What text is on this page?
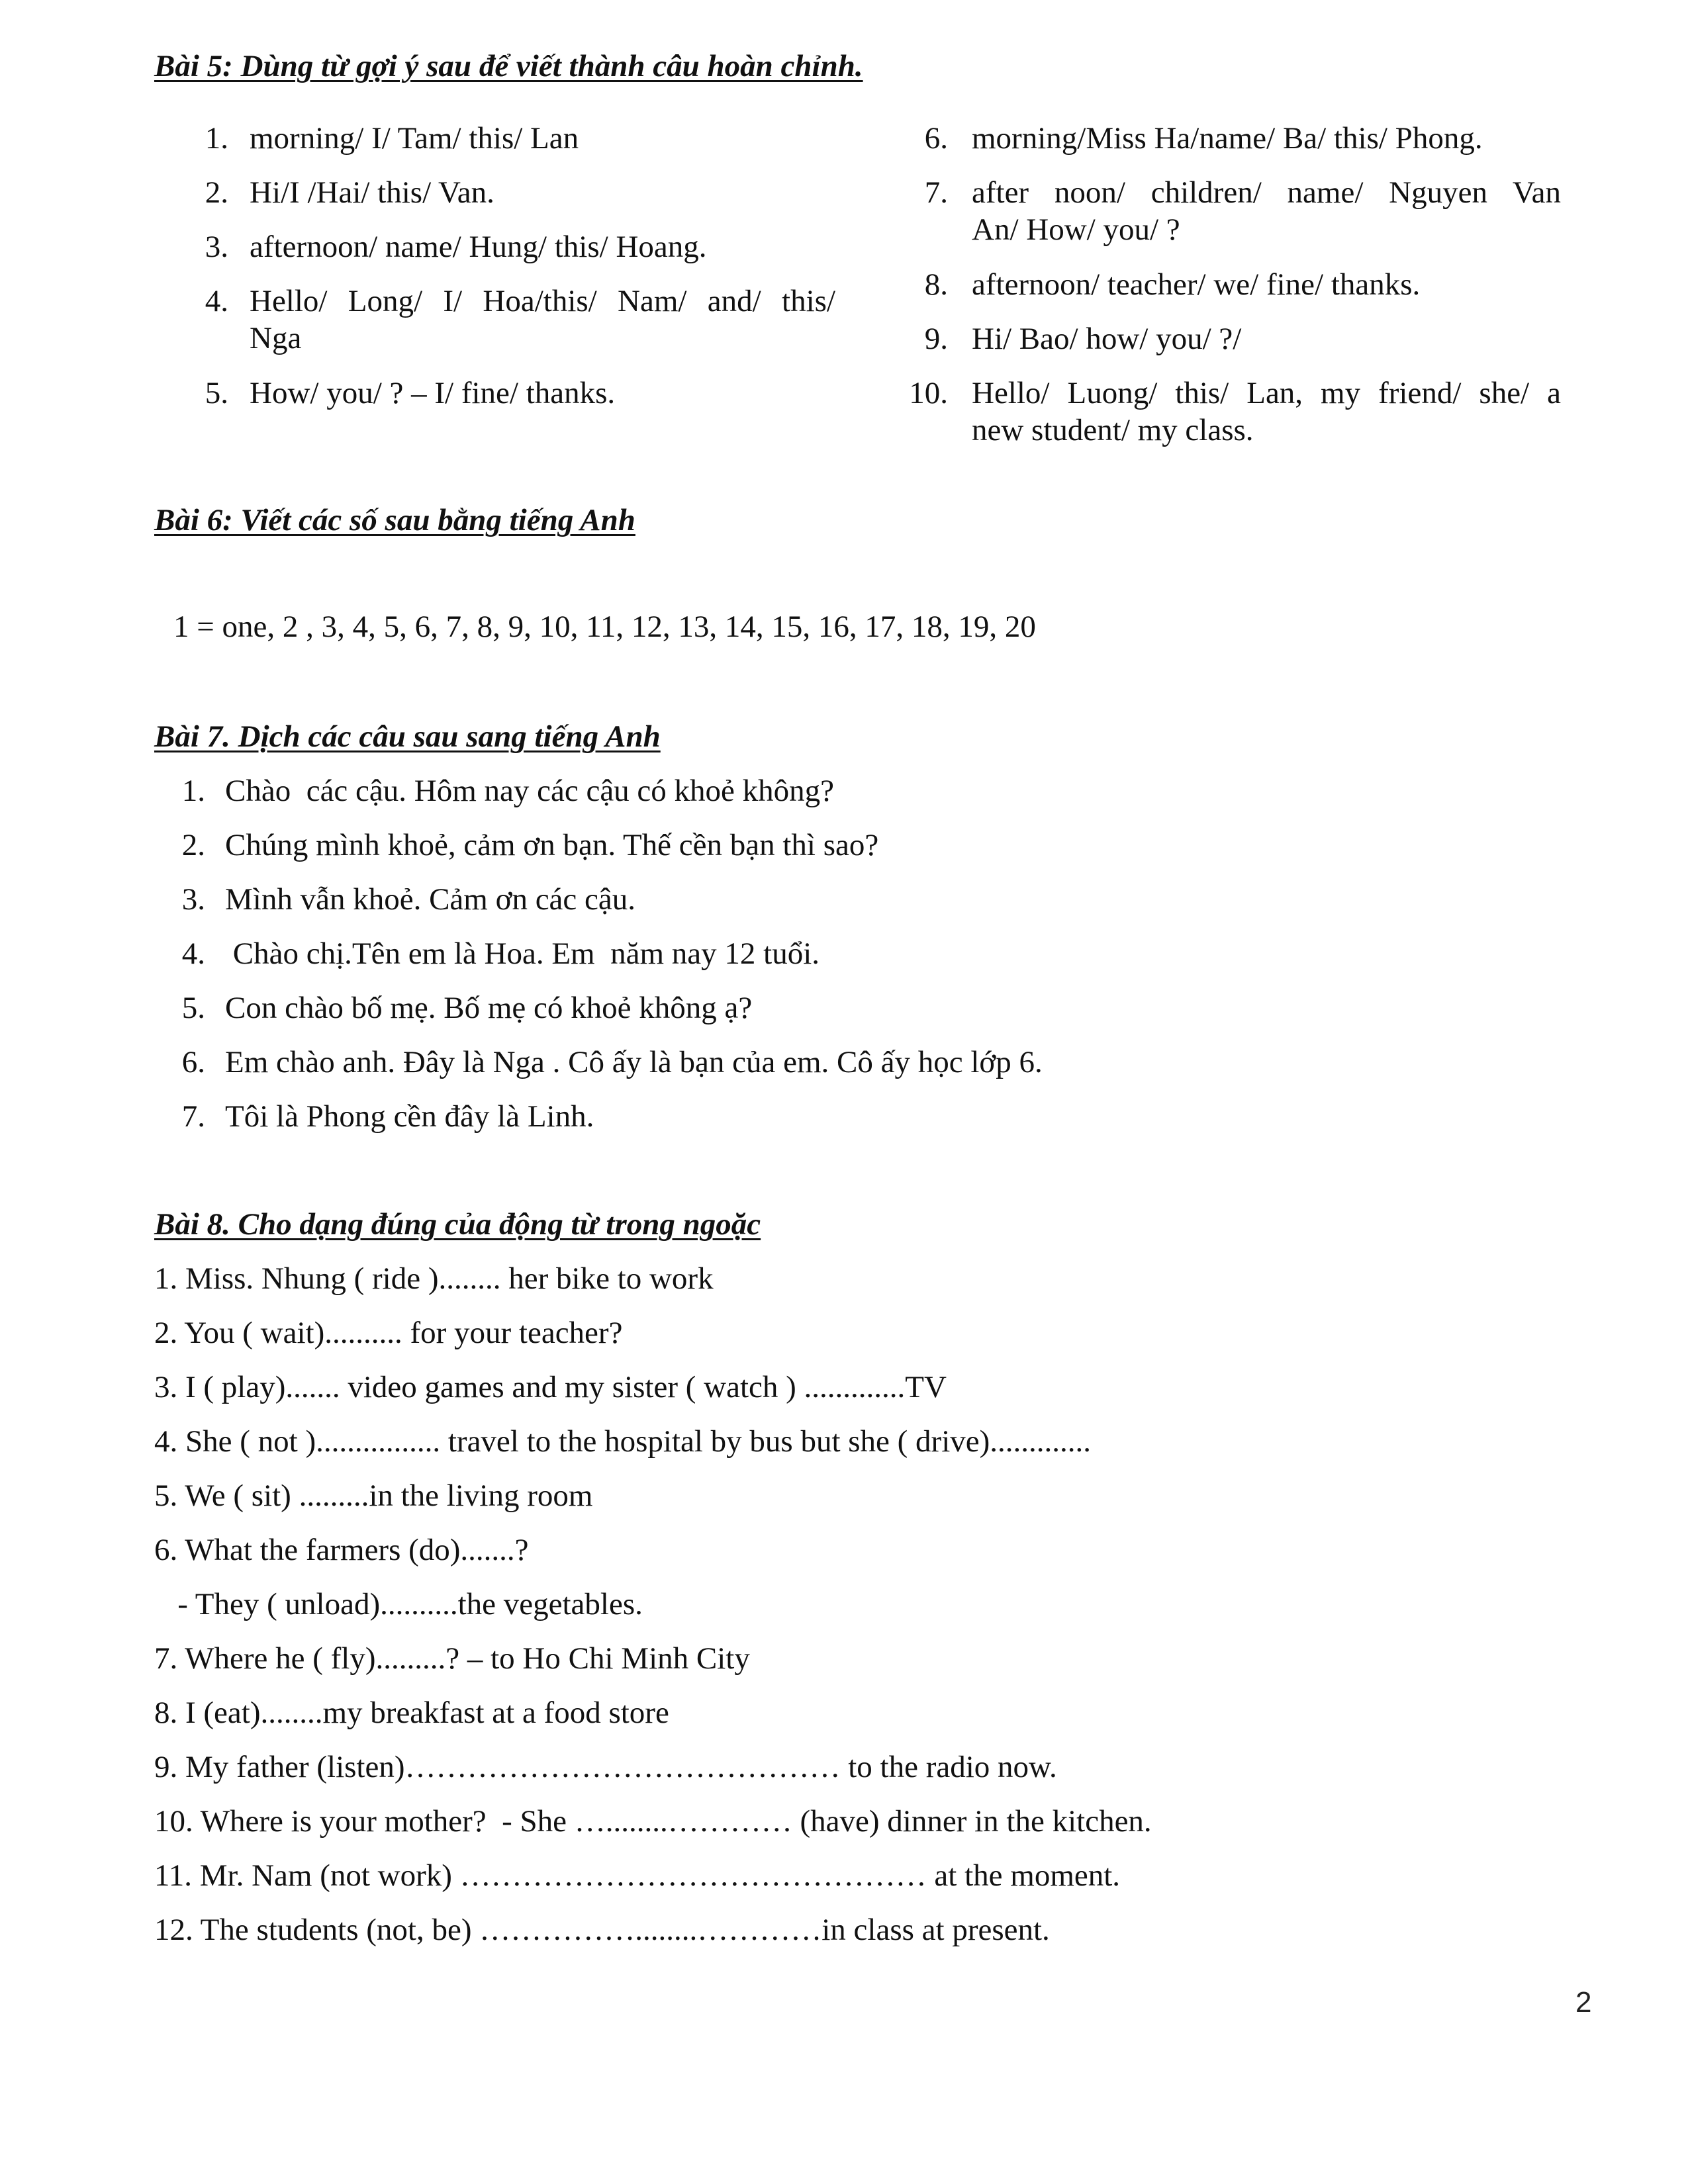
Bài 5: Dùng từ gợi ý sau để viết thành câu hoàn chỉnh.
1. morning/ I/ Tam/ this/ Lan
2. Hi/I /Hai/ this/ Van.
3. afternoon/ name/ Hung/ this/ Hoang.
4. Hello/ Long/ I/ Hoa/this/ Nam/ and/ this/
Nga
5. How/ you/ ? – I/ fine/ thanks.
6. morning/Miss Ha/name/ Ba/ this/ Phong.
7. after noon/ children/ name/ Nguyen Van
An/ How/ you/ ?
8. afternoon/ teacher/ we/ fine/ thanks.
9. Hi/ Bao/ how/ you/ ?/
10. Hello/ Luong/ this/ Lan, my friend/ she/ a
new student/ my class.
Bài 6: Viết các số sau bằng tiếng Anh
1 = one, 2 , 3, 4, 5, 6, 7, 8, 9, 10, 11, 12, 13, 14, 15, 16, 17, 18, 19, 20
Bài 7. Dịch các câu sau sang tiếng Anh
1. Chào  các cậu. Hôm nay các cậu có khoẻ không?
2. Chúng mình khoẻ, cảm ơn bạn. Thế cền bạn thì sao?
3. Mình vẫn khoẻ. Cảm ơn các cậu.
4. Chào chị.Tên em là Hoa. Em  năm nay 12 tuổi.
5. Con chào bố mẹ. Bố mẹ có khoẻ không ạ?
6. Em chào anh. Đây là Nga . Cô ấy là bạn của em. Cô ấy học lớp 6.
7. Tôi là Phong cền đây là Linh.
Bài 8. Cho dạng đúng của động từ trong ngoặc
1. Miss. Nhung ( ride )........ her bike to work
2. You ( wait).......... for your teacher?
3. I ( play)....... video games and my sister ( watch ) .............TV
4. She ( not )................ travel to the hospital by bus but she ( drive).............
5. We ( sit) .........in the living room
6. What the farmers (do).......?
- They ( unload)..........the vegetables.
7. Where he ( fly).........? – to Ho Chi Minh City
8. I (eat)........my breakfast at a food store
9. My father (listen)…………………………………… to the radio now.
10. Where is your mother?  - She …........………… (have) dinner in the kitchen.
11. Mr. Nam (not work) ……………………………………… at the moment.
12. The students (not, be) ……………........…………in class at present.
2
